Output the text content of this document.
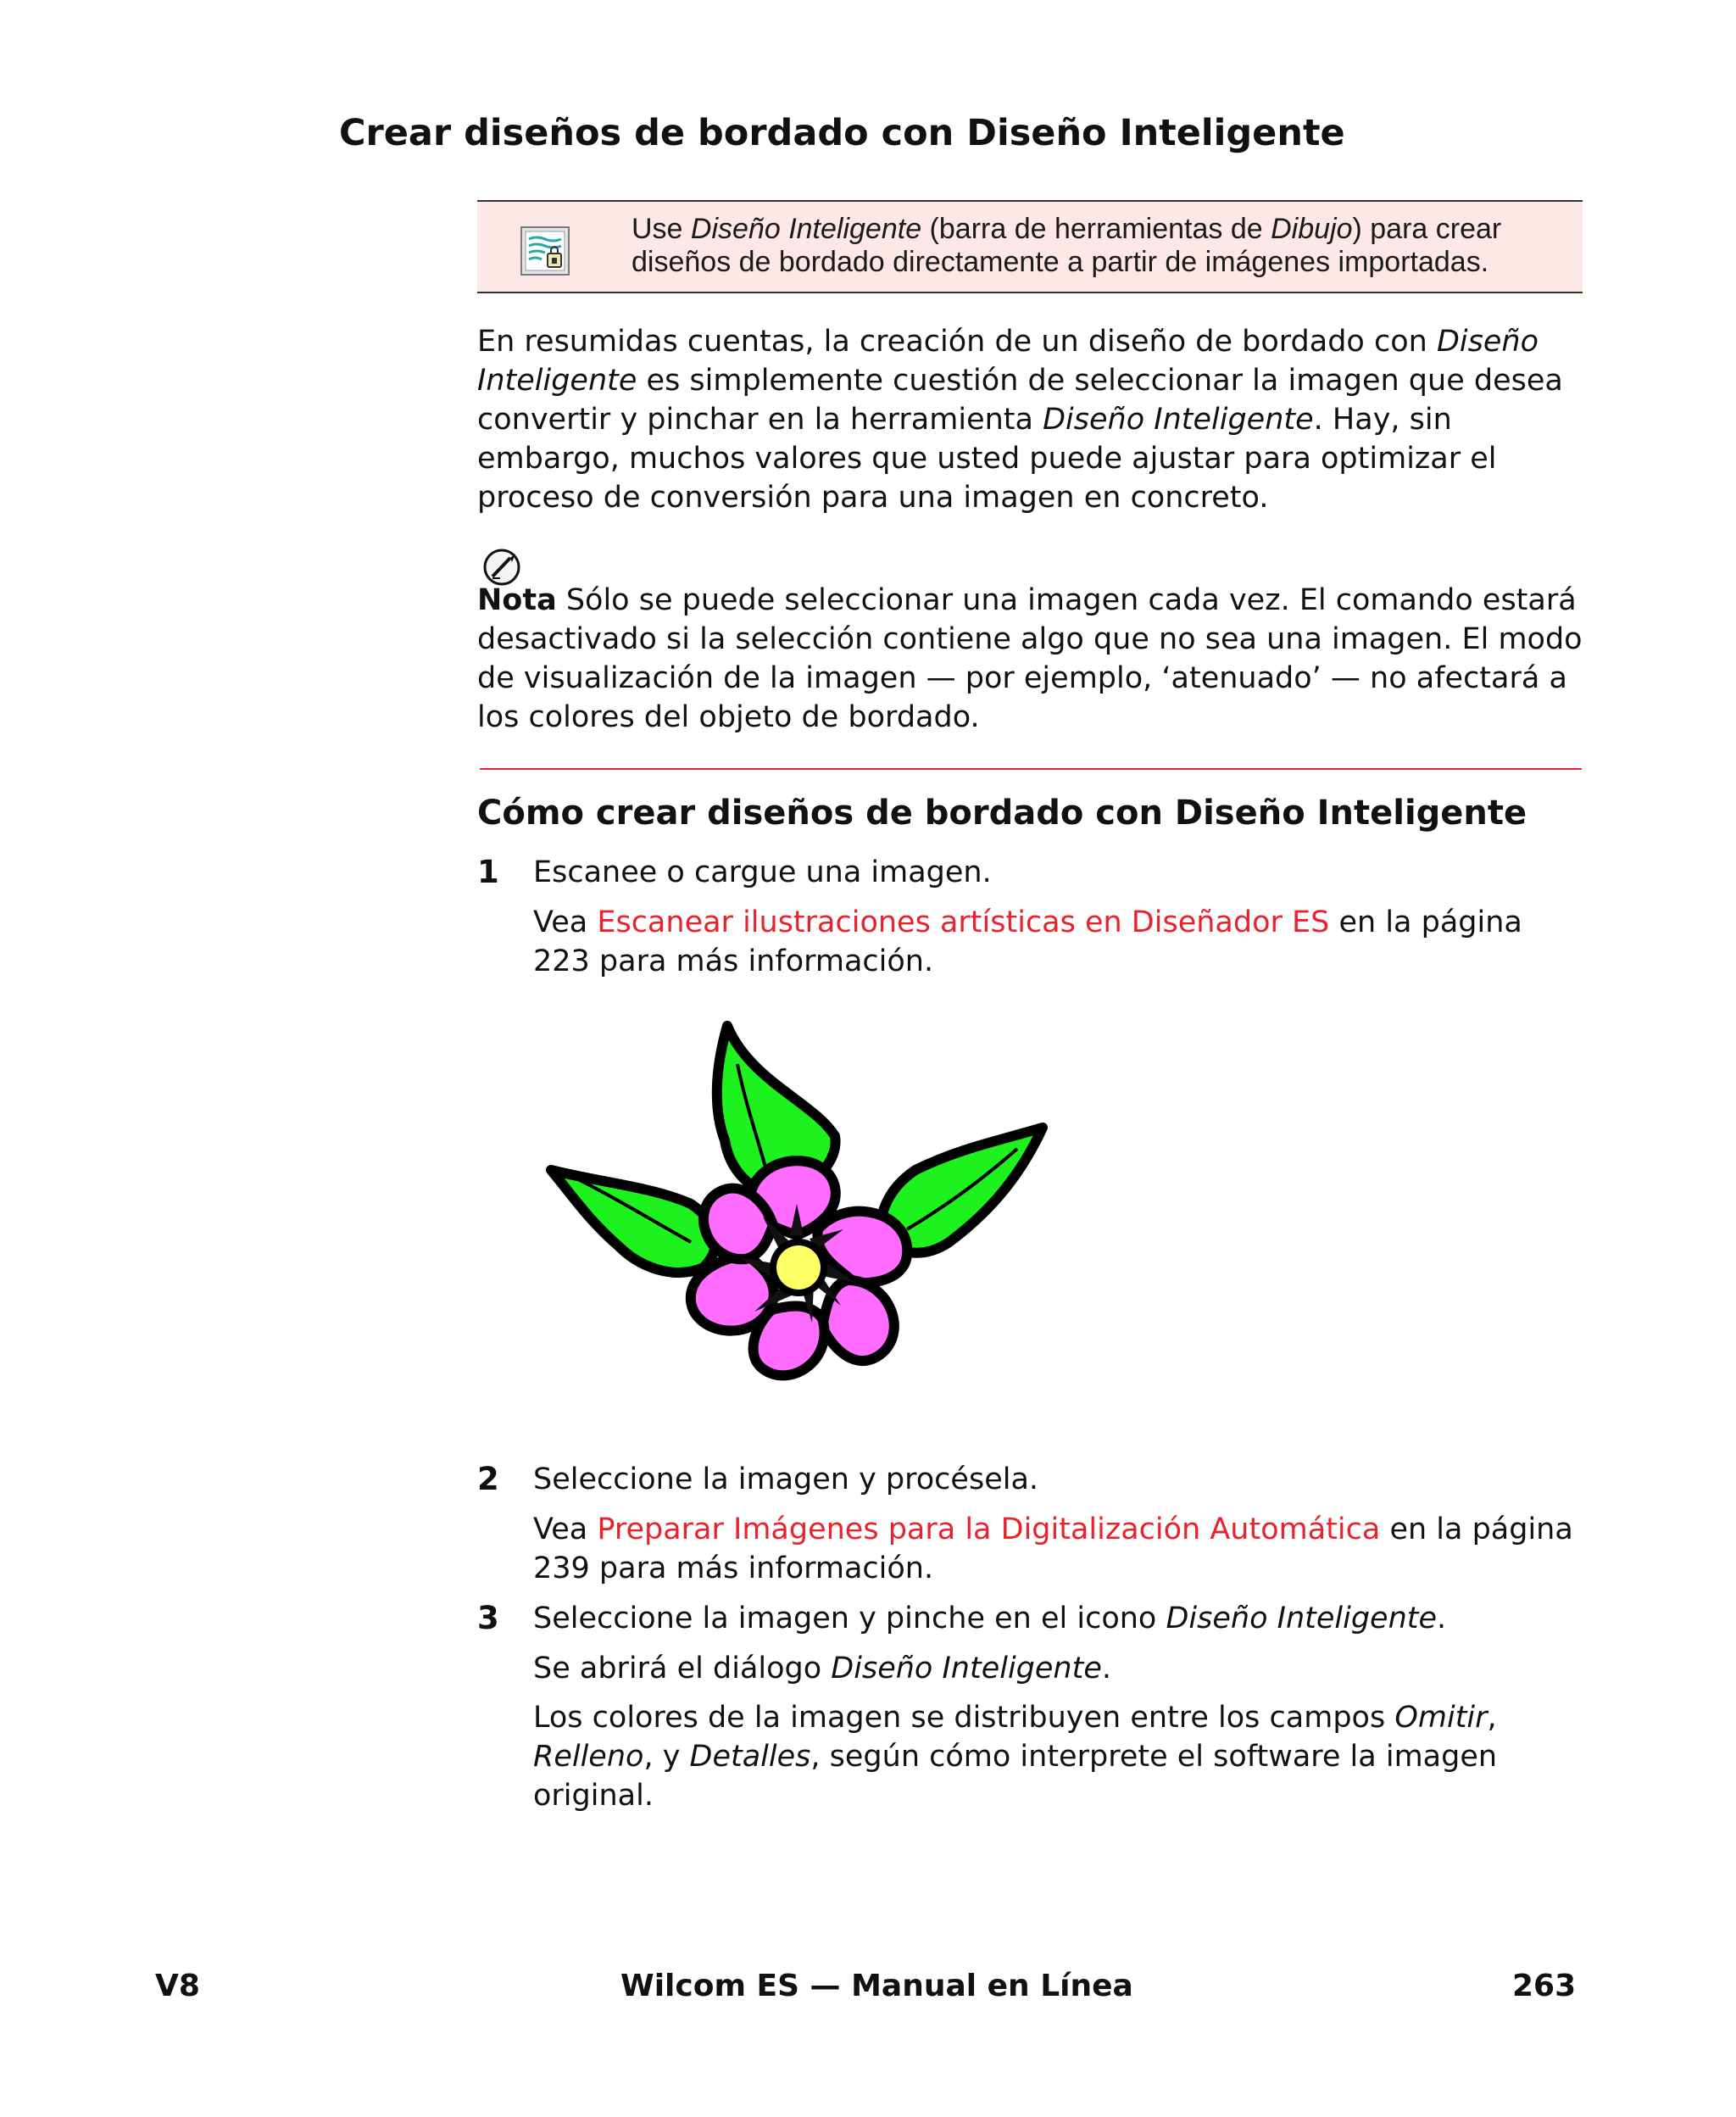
Crear diseños de bordado con Diseño Inteligente
Use Diseño Inteligente (barra de herramientas de Dibujo) para crear diseños de bordado directamente a partir de imágenes importadas.

En resumidas cuentas, la creación de un diseño de bordado con Diseño Inteligente es simplemente cuestión de seleccionar la imagen que desea convertir y pinchar en la herramienta Diseño Inteligente. Hay, sin embargo, muchos valores que usted puede ajustar para optimizar el proceso de conversión para una imagen en concreto.

Nota Sólo se puede seleccionar una imagen cada vez. El comando estará desactivado si la selección contiene algo que no sea una imagen. El modo de visualización de la imagen — por ejemplo, ‘atenuado’ — no afectará a los colores del objeto de bordado.

Cómo crear diseños de bordado con Diseño Inteligente
1 Escanee o cargue una imagen.

Vea Escanear ilustraciones artísticas en Diseñador ES en la página 223 para más información.

2 Seleccione la imagen y procésela.

Vea Preparar Imágenes para la Digitalización Automática en la página 239 para más información.

3 Seleccione la imagen y pinche en el icono Diseño Inteligente.

Se abrirá el diálogo Diseño Inteligente.

Los colores de la imagen se distribuyen entre los campos Omitir, Relleno, y Detalles, según cómo interprete el software la imagen original.

V8	Wilcom ES — Manual en Línea	263
